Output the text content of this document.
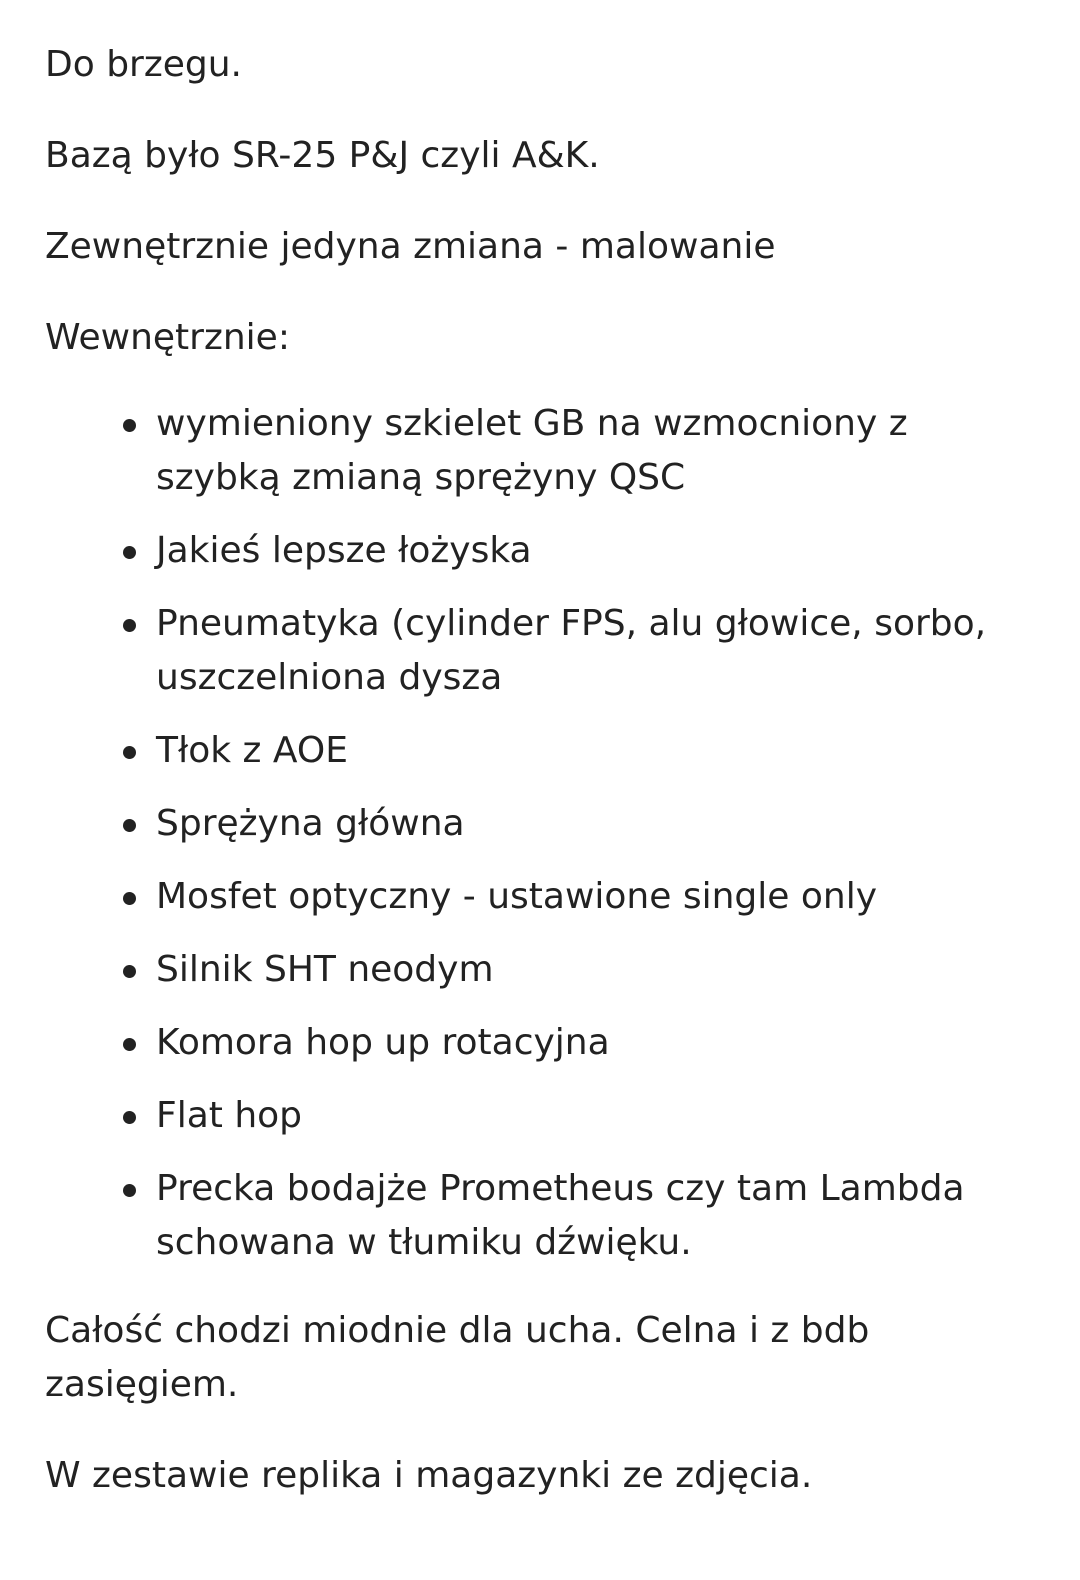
Do brzegu.

Bazą było SR-25 P&J czyli A&K.

Zewnętrznie jedyna zmiana - malowanie

Wewnętrznie:

wymieniony szkielet GB na wzmocniony z szybką zmianą sprężyny QSC
Jakieś lepsze łożyska
Pneumatyka (cylinder FPS, alu głowice, sorbo, uszczelniona dysza
Tłok z AOE
Sprężyna główna
Mosfet optyczny - ustawione single only
Silnik SHT neodym
Komora hop up rotacyjna
Flat hop
Precka bodajże Prometheus czy tam Lambda schowana w tłumiku dźwięku.

Całość chodzi miodnie dla ucha. Celna i z bdb zasięgiem.

W zestawie replika i magazynki ze zdjęcia.
